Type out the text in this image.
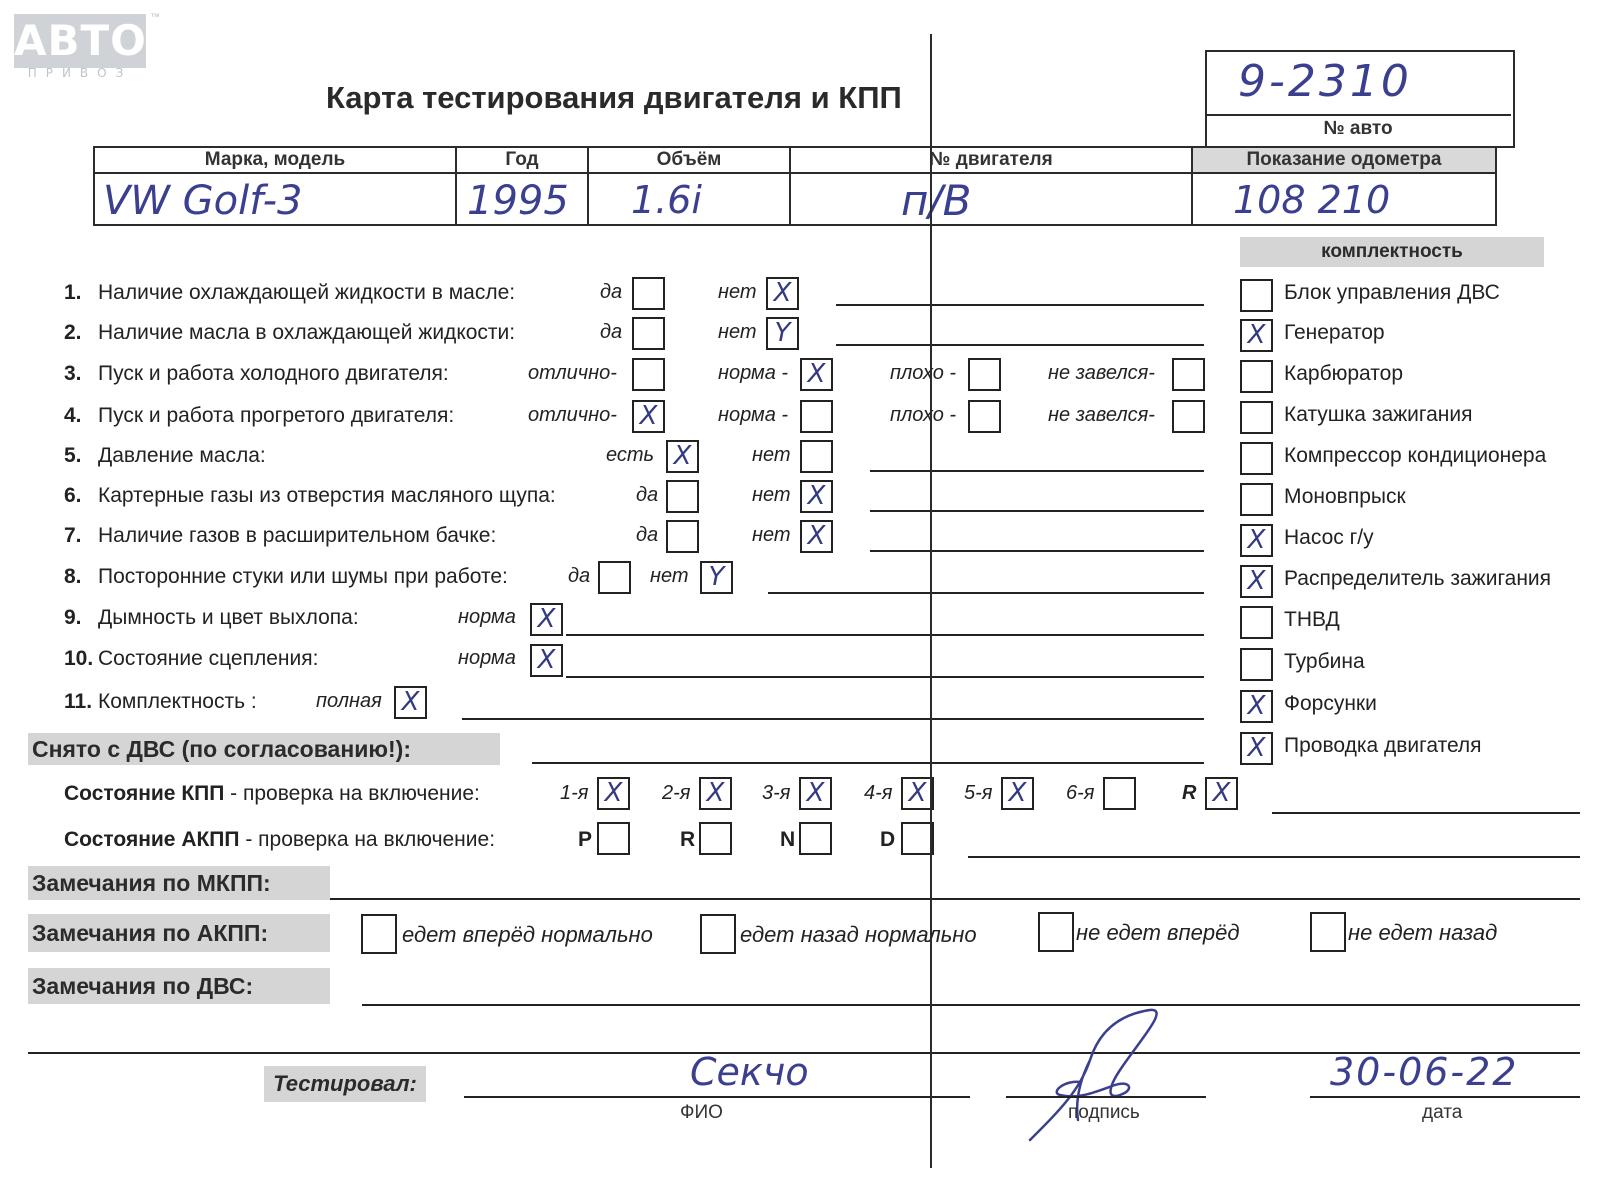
АВТО
ПРИВОЗ
™
Карта тестирования двигателя и КПП	9-2310
№ авто
Марка, модель	Год	Объём	№ двигателя	Показание одометра

VW Golf-3	1995	1.6i	п/В	108 210
комплектность
Блок управления ДВС
X Генератор
Карбюратор
Катушка зажигания
Компрессор кондиционера
Моновпрыск
X Насос г/у
X Распределитель зажигания
ТНВД
Турбина
X Форсунки
X Проводка двигателя
1. Наличие охлаждающей жидкости в масле:	да	нет X
2. Наличие масла в охлаждающей жидкости:	да	нет Y
3. Пуск и работа холодного двигателя:	отлично-	норма - X	плохо -	не завелся-
4. Пуск и работа прогретого двигателя:	отлично- X	норма -	плохо -	не завелся-
5. Давление масла:	есть X	нет
6. Картерные газы из отверстия масляного щупа:	да	нет X
7. Наличие газов в расширительном бачке:	да	нет X
8. Посторонние стуки или шумы при работе:	да	нет Y
9. Дымность и цвет выхлопа:	норма X
10. Состояние сцепления:	норма X
11. Комплектность :	полная X
Снято с ДВС (по согласованию!):
Состояние КПП - проверка на включение:	1-я X 2-я X 3-я X 4-я X 5-я X 6-я	R X
Состояние АКПП - проверка на включение:	P	R	N	D
Замечания по МКПП:
Замечания по АКПП:	едет вперёд нормально	едет назад нормально	не едет вперёд	не едет назад
Замечания по ДВС:
Тестировал:	Секчо
ФИО	подпись
30-06-22
дата
